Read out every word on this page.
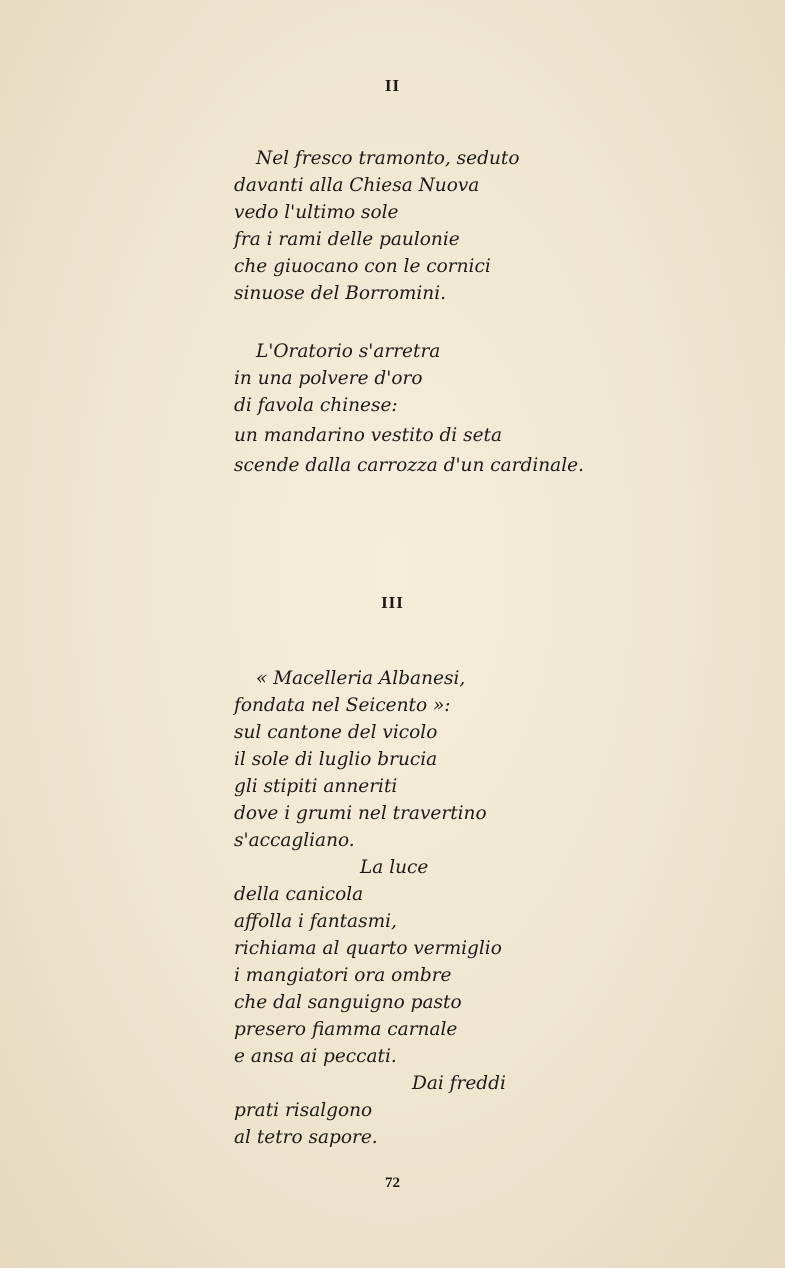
II
Nel fresco tramonto, seduto
davanti alla Chiesa Nuova
vedo l'ultimo sole
fra i rami delle paulonie
che giuocano con le cornici
sinuose del Borromini.
L'Oratorio s'arretra
in una polvere d'oro
di favola chinese:
un mandarino vestito di seta
scende dalla carrozza d'un cardinale.
III
« Macelleria Albanesi,
fondata nel Seicento »:
sul cantone del vicolo
il sole di luglio brucia
gli stipiti anneriti
dove i grumi nel travertino
s'accagliano.
La luce
della canicola
affolla i fantasmi,
richiama al quarto vermiglio
i mangiatori ora ombre
che dal sanguigno pasto
presero fiamma carnale
e ansa ai peccati.
Dai freddi
prati risalgono
al tetro sapore.
72
